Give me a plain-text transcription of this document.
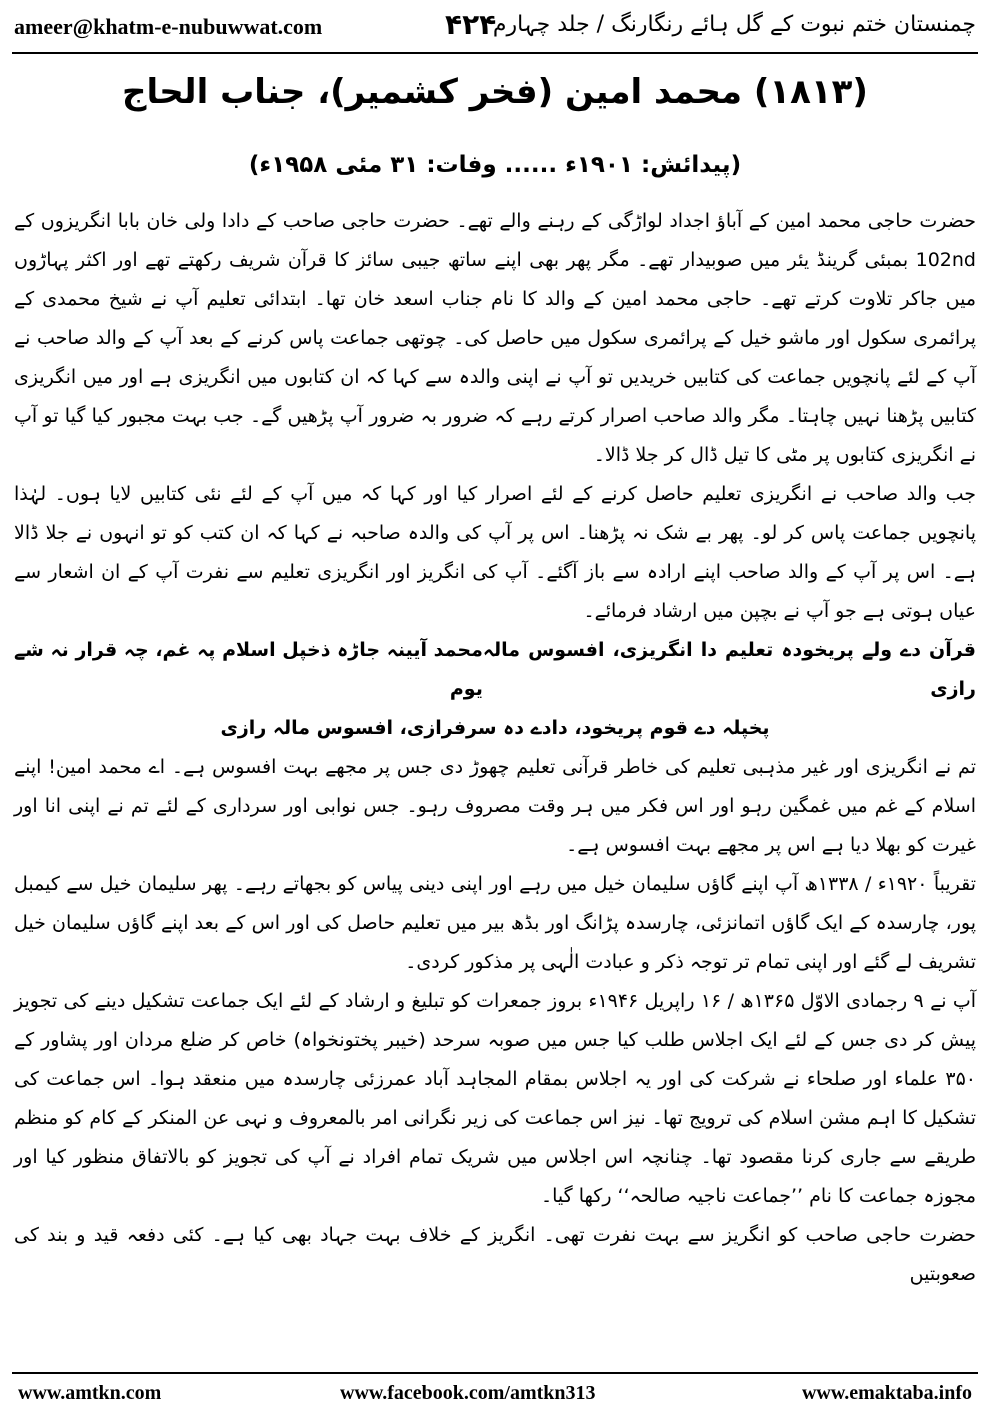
ameer@khatm-e-nubuwwat.com	۴۲۴
چمنستان ختم نبوت کے گل ہائے رنگارنگ / جلد چہارم
(۱۸۱۳) محمد امین (فخر کشمیر)، جناب الحاج
(پیدائش: ۱۹۰۱ء ...... وفات: ۳۱ مئی ۱۹۵۸ء)

حضرت حاجی محمد امین کے آباؤ اجداد لواڑگی کے رہنے والے تھے۔ حضرت حاجی صاحب کے دادا ولی خان بابا انگریزوں کے 102nd بمبئی گرینڈ یئر میں صوبیدار تھے۔ مگر پھر بھی اپنے ساتھ جیبی سائز کا قرآن شریف رکھتے تھے اور اکثر پہاڑوں میں جاکر تلاوت کرتے تھے۔ حاجی محمد امین کے والد کا نام جناب اسعد خان تھا۔ ابتدائی تعلیم آپ نے شیخ محمدی کے پرائمری سکول اور ماشو خیل کے پرائمری سکول میں حاصل کی۔ چوتھی جماعت پاس کرنے کے بعد آپ کے والد صاحب نے آپ کے لئے پانچویں جماعت کی کتابیں خریدیں تو آپ نے اپنی والدہ سے کہا کہ ان کتابوں میں انگریزی ہے اور میں انگریزی کتابیں پڑھنا نہیں چاہتا۔ مگر والد صاحب اصرار کرتے رہے کہ ضرور بہ ضرور آپ پڑھیں گے۔ جب بہت مجبور کیا گیا تو آپ نے انگریزی کتابوں پر مٹی کا تیل ڈال کر جلا ڈالا۔

جب والد صاحب نے انگریزی تعلیم حاصل کرنے کے لئے اصرار کیا اور کہا کہ میں آپ کے لئے نئی کتابیں لایا ہوں۔ لہٰذا پانچویں جماعت پاس کر لو۔ پھر بے شک نہ پڑھنا۔ اس پر آپ کی والدہ صاحبہ نے کہا کہ ان کتب کو تو انہوں نے جلا ڈالا ہے۔ اس پر آپ کے والد صاحب اپنے ارادہ سے باز آگئے۔ آپ کی انگریز اور انگریزی تعلیم سے نفرت آپ کے ان اشعار سے عیاں ہوتی ہے جو آپ نے بچپن میں ارشاد فرمائے۔

قرآن دے ولے پریخودہ تعلیم دا انگریزی، افسوس مالہ رازی
محمد آیینہ جاڑہ ذخپل اسلام پہ غم، چہ قرار نہ شے یوم
پخپلہ دے قوم پریخود، دادے دہ سرفرازی، افسوس مالہ رازی

تم نے انگریزی اور غیر مذہبی تعلیم کی خاطر قرآنی تعلیم چھوڑ دی جس پر مجھے بہت افسوس ہے۔ اے محمد امین! اپنے اسلام کے غم میں غمگین رہو اور اس فکر میں ہر وقت مصروف رہو۔ جس نوابی اور سرداری کے لئے تم نے اپنی انا اور غیرت کو بھلا دیا ہے اس پر مجھے بہت افسوس ہے۔

تقریباً ۱۹۲۰ء / ۱۳۳۸ھ آپ اپنے گاؤں سلیمان خیل میں رہے اور اپنی دینی پیاس کو بجھاتے رہے۔ پھر سلیمان خیل سے کیمبل پور، چارسدہ کے ایک گاؤں اتمانزئی، چارسدہ پڑانگ اور بڈھ بیر میں تعلیم حاصل کی اور اس کے بعد اپنے گاؤں سلیمان خیل تشریف لے گئے اور اپنی تمام تر توجہ ذکر و عبادت الٰہی پر مذکور کردی۔

آپ نے ۹ رجمادی الاوّل ۱۳۶۵ھ / ۱۶ راپریل ۱۹۴۶ء بروز جمعرات کو تبلیغ و ارشاد کے لئے ایک جماعت تشکیل دینے کی تجویز پیش کر دی جس کے لئے ایک اجلاس طلب کیا جس میں صوبہ سرحد (خیبر پختونخواہ) خاص کر ضلع مردان اور پشاور کے ۳۵۰ علماء اور صلحاء نے شرکت کی اور یہ اجلاس بمقام المجاہد آباد عمرزئی چارسدہ میں منعقد ہوا۔ اس جماعت کی تشکیل کا اہم مشن اسلام کی ترویج تھا۔ نیز اس جماعت کی زیر نگرانی امر بالمعروف و نہی عن المنکر کے کام کو منظم طریقے سے جاری کرنا مقصود تھا۔ چنانچہ اس اجلاس میں شریک تمام افراد نے آپ کی تجویز کو بالاتفاق منظور کیا اور مجوزہ جماعت کا نام ’’جماعت ناجیہ صالحہ‘‘ رکھا گیا۔

حضرت حاجی صاحب کو انگریز سے بہت نفرت تھی۔ انگریز کے خلاف بہت جہاد بھی کیا ہے۔ کئی دفعہ قید و بند کی صعوبتیں

www.amtkn.com	www.facebook.com/amtkn313	www.emaktaba.info
